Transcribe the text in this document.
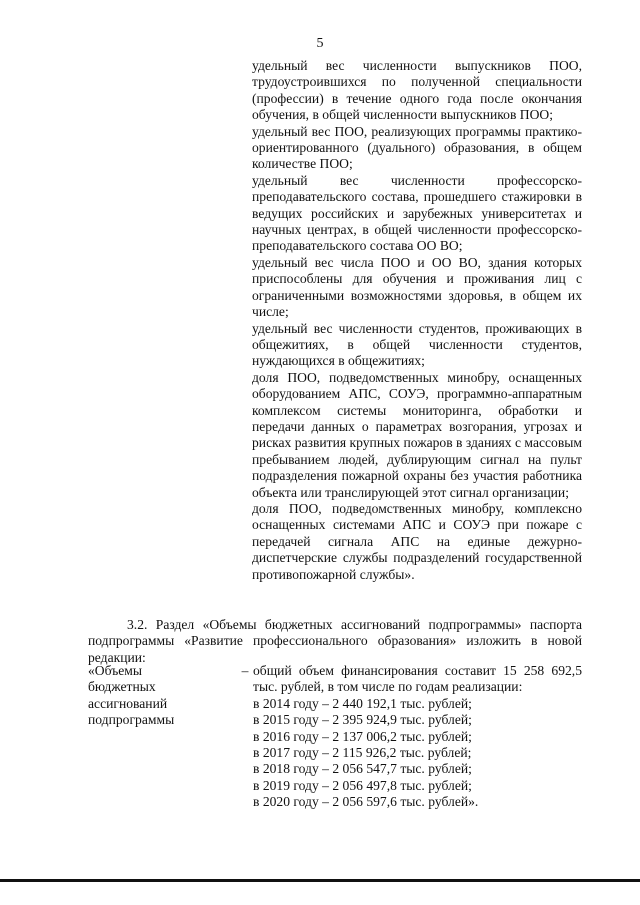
5

удельный вес численности выпускников ПОО, трудоустроившихся по полученной специальности (профессии) в течение одного года после окончания обучения, в общей численности выпускников ПОО;

удельный вес ПОО, реализующих программы практико-ориентированного (дуального) образования, в общем количестве ПОО;

удельный вес численности профессорско-преподавательского состава, прошедшего стажировки в ведущих российских и зарубежных университетах и научных центрах, в общей численности профессорско-преподавательского состава ОО ВО;

удельный вес числа ПОО и ОО ВО, здания которых приспособлены для обучения и проживания лиц с ограниченными возможностями здоровья, в общем их числе;

удельный вес численности студентов, проживающих в общежитиях, в общей численности студентов, нуждающихся в общежитиях;

доля ПОО, подведомственных минобру, оснащенных оборудованием АПС, СОУЭ, программно-аппаратным комплексом системы мониторинга, обработки и передачи данных о параметрах возгорания, угрозах и рисках развития крупных пожаров в зданиях с массовым пребыванием людей, дублирующим сигнал на пульт подразделения пожарной охраны без участия работника объекта или транслирующей этот сигнал организации;

доля ПОО, подведомственных минобру, комплексно оснащенных системами АПС и СОУЭ при пожаре с передачей сигнала АПС на единые дежурно-диспетчерские службы подразделений государственной противопожарной службы».

3.2. Раздел «Объемы бюджетных ассигнований подпрограммы» паспорта подпрограммы «Развитие профессионального образования» изложить в новой редакции:

«Объемы
бюджетных
ассигнований
подпрограммы
– общий объем финансирования составит 15 258 692,5 тыс. рублей, в том числе по годам реализации:

в 2014 году – 2 440 192,1 тыс. рублей;

в 2015 году – 2 395 924,9 тыс. рублей;

в 2016 году – 2 137 006,2 тыс. рублей;

в 2017 году – 2 115 926,2 тыс. рублей;

в 2018 году – 2 056 547,7 тыс. рублей;

в 2019 году – 2 056 497,8 тыс. рублей;

в 2020 году – 2 056 597,6 тыс. рублей».
